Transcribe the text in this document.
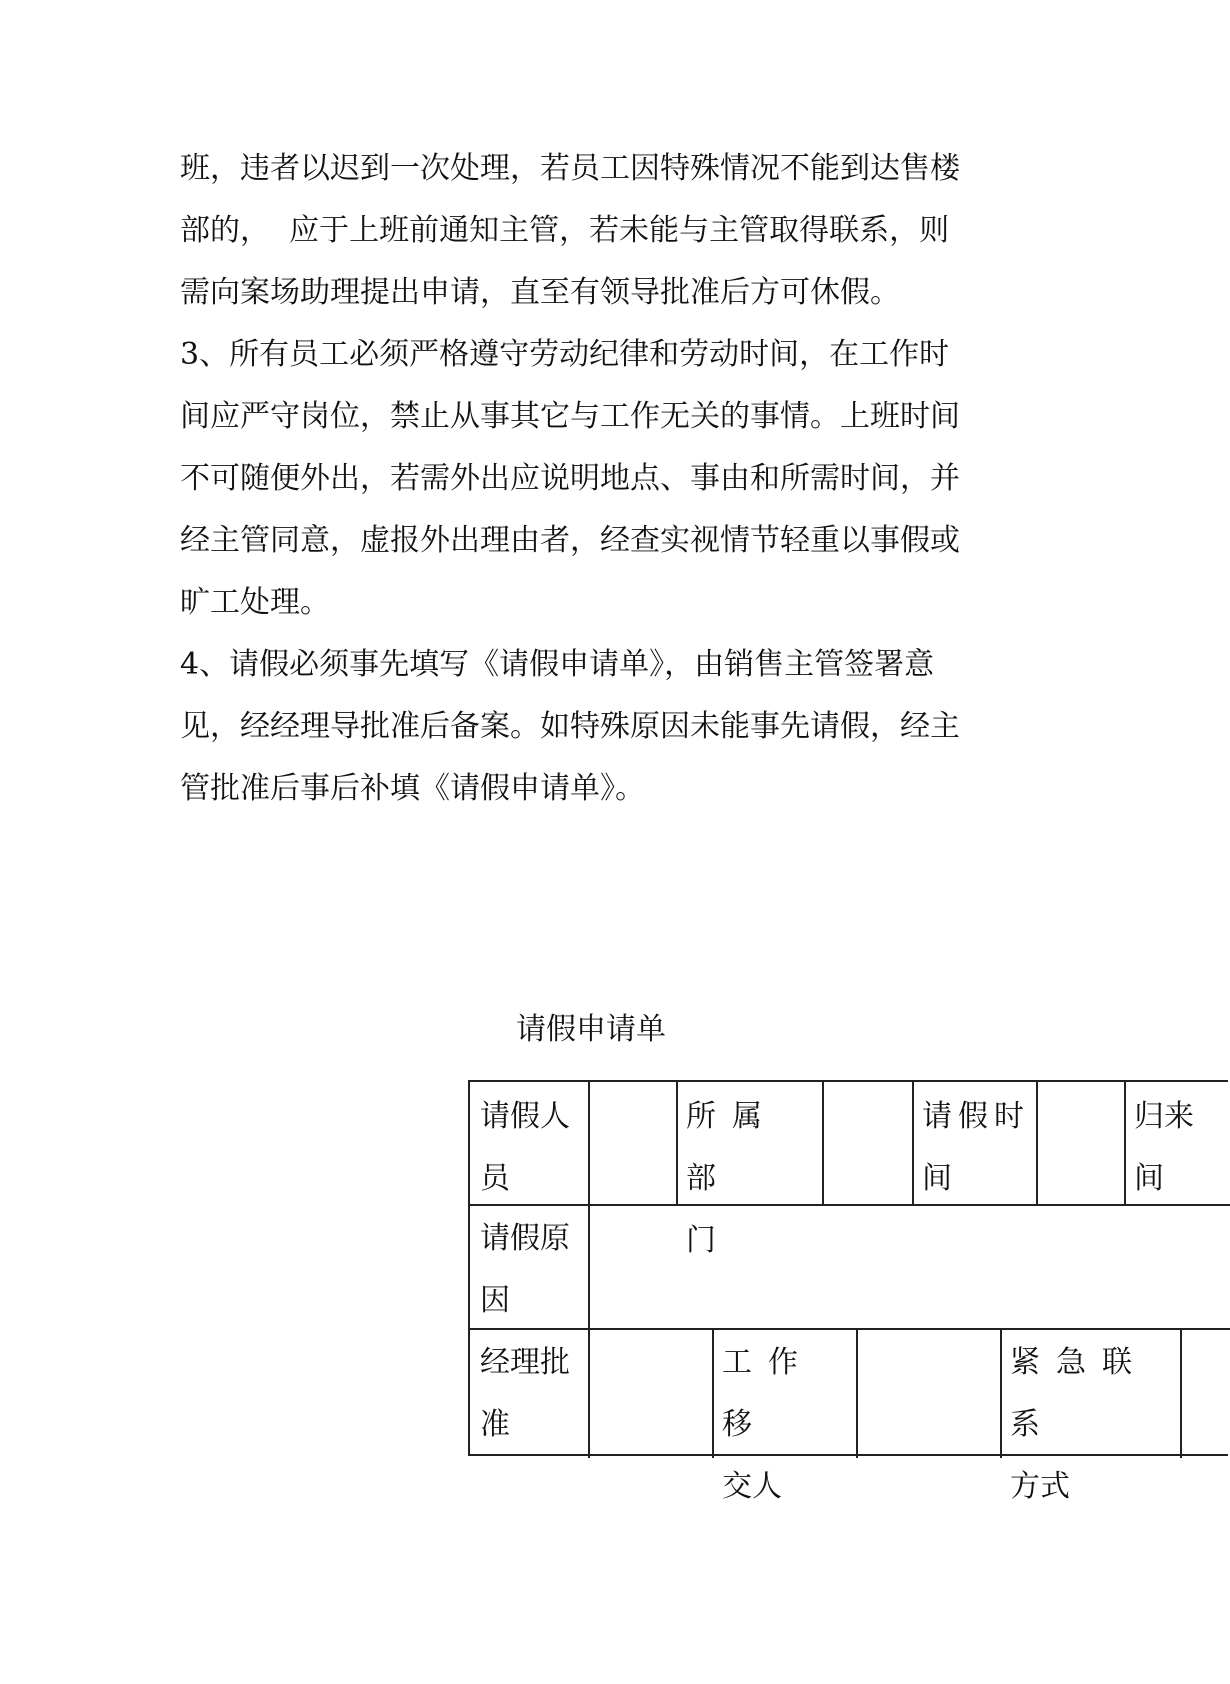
班，违者以迟到一次处理，若员工因特殊情况不能到达售楼
部的，  应于上班前通知主管，若未能与主管取得联系，则
需向案场助理提出申请，直至有领导批准后方可休假。
3、所有员工必须严格遵守劳动纪律和劳动时间，在工作时
间应严守岗位，禁止从事其它与工作无关的事情。上班时间
不可随便外出，若需外出应说明地点、事由和所需时间，并
经主管同意，虚报外出理由者，经查实视情节轻重以事假或
旷工处理。
4、请假必须事先填写《请假申请单》，由销售主管签署意
见，经经理导批准后备案。如特殊原因未能事先请假，经主
管批准后事后补填《请假申请单》。
请假申请单
请假人
员
所属部
门
请假时
间
归来
间
请假原
因
经理批
准
工作移
交人
紧急联系
方式
